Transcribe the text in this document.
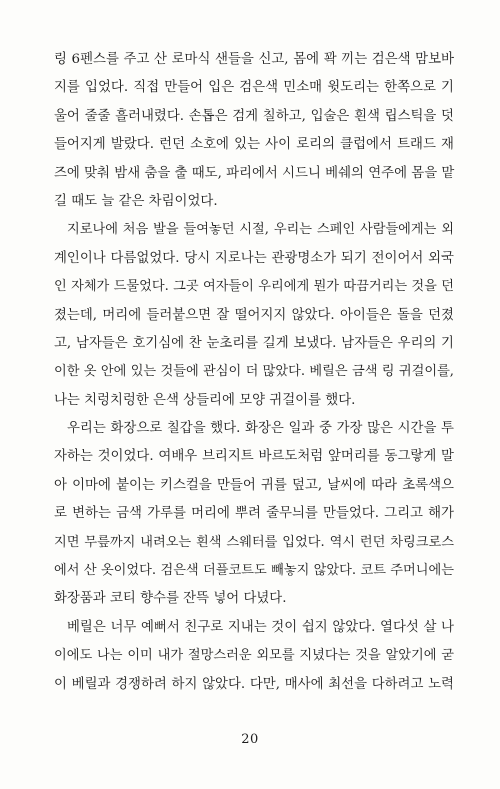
링 6펜스를 주고 산 로마식 샌들을 신고, 몸에 꽉 끼는 검은색 맘보바
지를 입었다. 직접 만들어 입은 검은색 민소매 윗도리는 한쪽으로 기
울어 줄줄 흘러내렸다. 손톱은 검게 칠하고, 입술은 흰색 립스틱을 덧
들어지게 발랐다. 런던 소호에 있는 사이 로리의 클럽에서 트래드 재
즈에 맞춰 밤새 춤을 출 때도, 파리에서 시드니 베쉐의 연주에 몸을 맡
길 때도 늘 같은 차림이었다.
지로나에 처음 발을 들여놓던 시절, 우리는 스페인 사람들에게는 외
계인이나 다름없었다. 당시 지로나는 관광명소가 되기 전이어서 외국
인 자체가 드물었다. 그곳 여자들이 우리에게 뭔가 따끔거리는 것을 던
졌는데, 머리에 들러붙으면 잘 떨어지지 않았다. 아이들은 돌을 던졌
고, 남자들은 호기심에 찬 눈초리를 길게 보냈다. 남자들은 우리의 기
이한 옷 안에 있는 것들에 관심이 더 많았다. 베릴은 금색 링 귀걸이를,
나는 치렁치렁한 은색 상들리에 모양 귀걸이를 했다.
우리는 화장으로 칠갑을 했다. 화장은 일과 중 가장 많은 시간을 투
자하는 것이었다. 여배우 브리지트 바르도처럼 앞머리를 동그랗게 말
아 이마에 붙이는 키스컬을 만들어 귀를 덮고, 날씨에 따라 초록색으
로 변하는 금색 가루를 머리에 뿌려 줄무늬를 만들었다. 그리고 해가
지면 무릎까지 내려오는 흰색 스웨터를 입었다. 역시 런던 차링크로스
에서 산 옷이었다. 검은색 더플코트도 빼놓지 않았다. 코트 주머니에는
화장품과 코티 향수를 잔뜩 넣어 다녔다.
베릴은 너무 예뻐서 친구로 지내는 것이 쉽지 않았다. 열다섯 살 나
이에도 나는 이미 내가 절망스러운 외모를 지녔다는 것을 알았기에 굳
이 베릴과 경쟁하려 하지 않았다. 다만, 매사에 최선을 다하려고 노력
20
